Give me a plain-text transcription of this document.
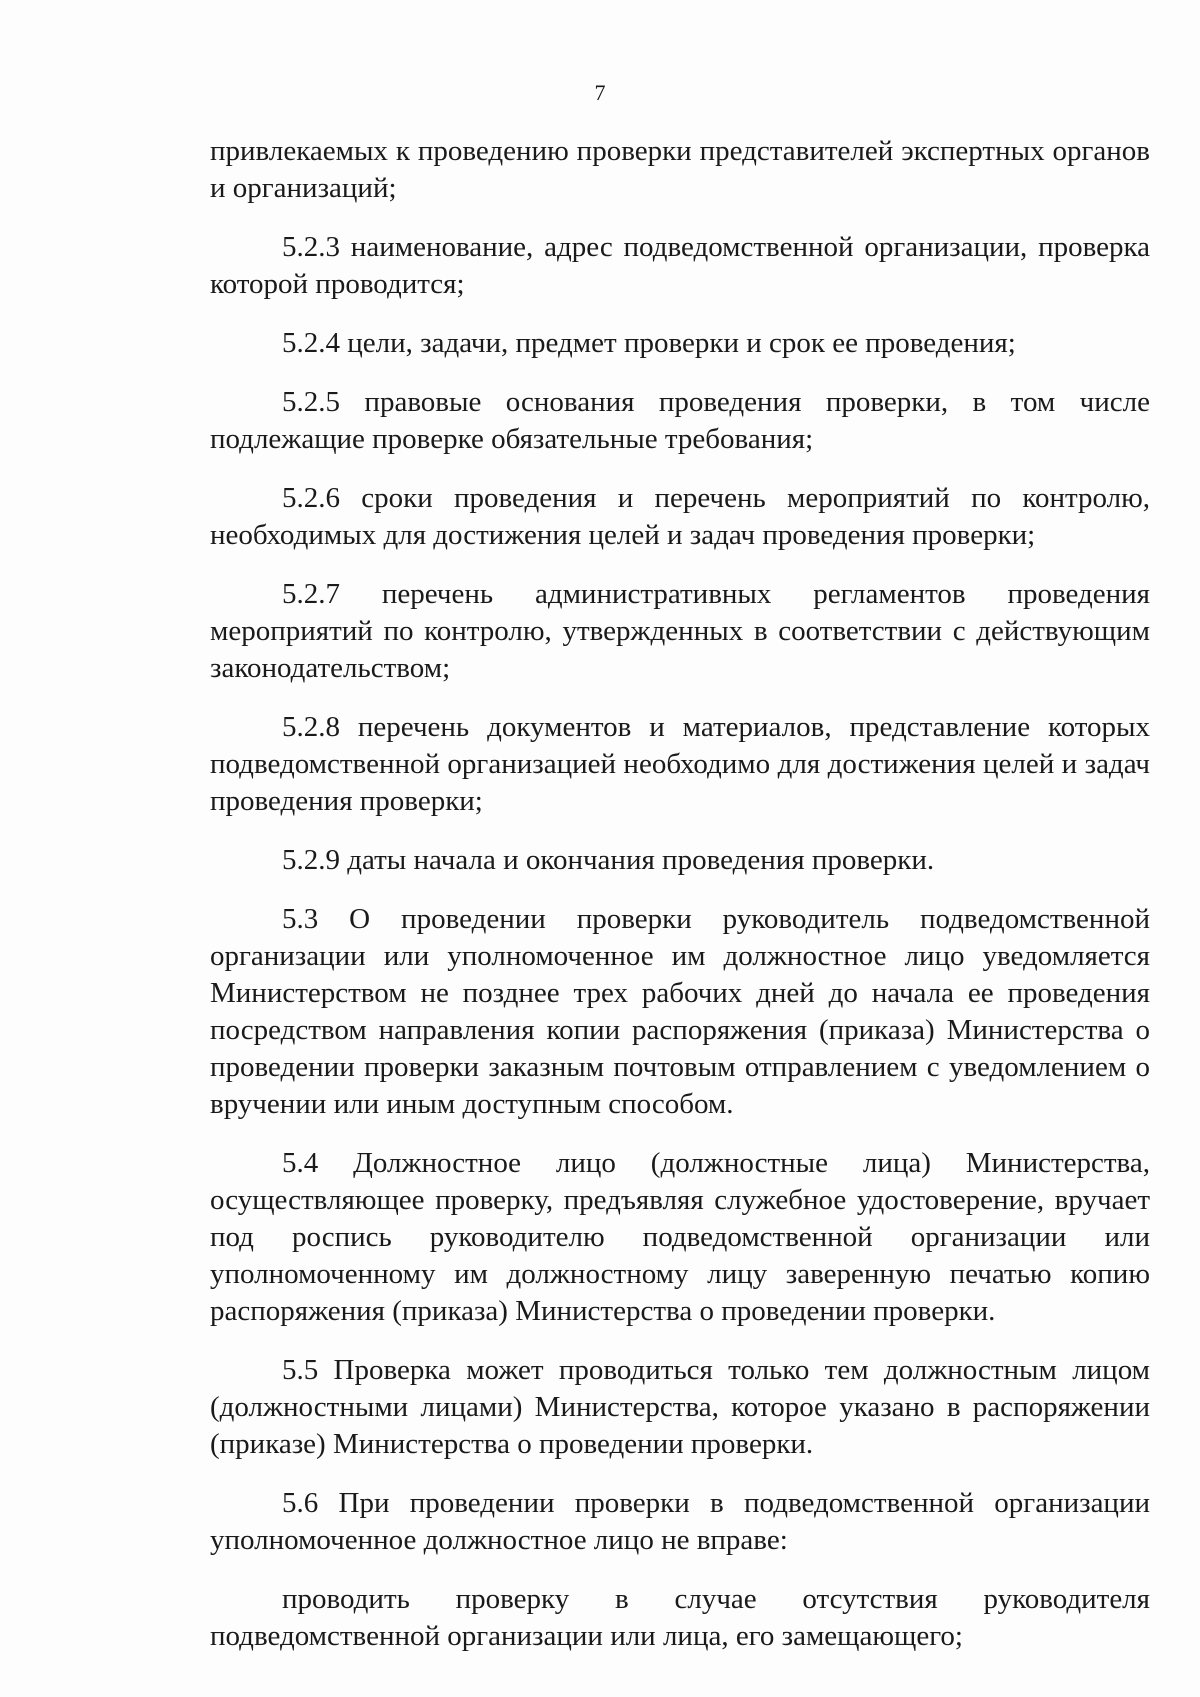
7

привлекаемых к проведению проверки представителей экспертных органов и организаций;

5.2.3 наименование, адрес подведомственной организации, проверка которой проводится;

5.2.4 цели, задачи, предмет проверки и срок ее проведения;

5.2.5 правовые основания проведения проверки, в том числе подлежащие проверке обязательные требования;

5.2.6 сроки проведения и перечень мероприятий по контролю, необходимых для достижения целей и задач проведения проверки;

5.2.7 перечень административных регламентов проведения мероприятий по контролю, утвержденных в соответствии с действующим законодательством;

5.2.8 перечень документов и материалов, представление которых подведомственной организацией необходимо для достижения целей и задач проведения проверки;

5.2.9 даты начала и окончания проведения проверки.

5.3 О проведении проверки руководитель подведомственной организации или уполномоченное им должностное лицо уведомляется Министерством не позднее трех рабочих дней до начала ее проведения посредством направления копии распоряжения (приказа) Министерства о проведении проверки заказным почтовым отправлением с уведомлением о вручении или иным доступным способом.

5.4 Должностное лицо (должностные лица) Министерства, осуществляющее проверку, предъявляя служебное удостоверение, вручает под роспись руководителю подведомственной организации или уполномоченному им должностному лицу заверенную печатью копию распоряжения (приказа) Министерства о проведении проверки.

5.5 Проверка может проводиться только тем должностным лицом (должностными лицами) Министерства, которое указано в распоряжении (приказе) Министерства о проведении проверки.

5.6 При проведении проверки в подведомственной организации уполномоченное должностное лицо не вправе:

проводить проверку в случае отсутствия руководителя подведомственной организации или лица, его замещающего;
